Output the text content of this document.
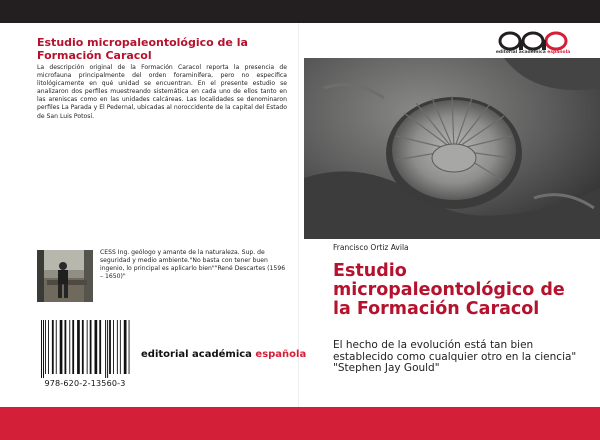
Estudio micropaleontológico de la Formación Caracol
La descripción original de la Formación Caracol reporta la presencia de microfauna principalmente del orden foraminífera, pero no especifica litológicamente en qué unidad se encuentran. En el presente estudio se analizaron dos perfiles muestreando sistemática en cada uno de ellos tanto en las areniscas como en las unidades calcáreas. Las localidades se denominaron perfiles La Parada y El Pedernal, ubicadas al noroccidente de la capital del Estado de San Luis Potosí.
CESS Ing. geólogo y amante de la naturaleza. Sup. de seguridad y medio ambiente."No basta con tener buen ingenio, lo principal es aplicarlo bien""René Descartes (1596 – 1650)"
978-620-2-13560-3
editorial académica española
editorial académica española
Francisco Ortiz Avila
Estudio micropaleontológico de la Formación Caracol
El hecho de la evolución está tan bien establecido como cualquier otro en la ciencia" "Stephen Jay Gould"
